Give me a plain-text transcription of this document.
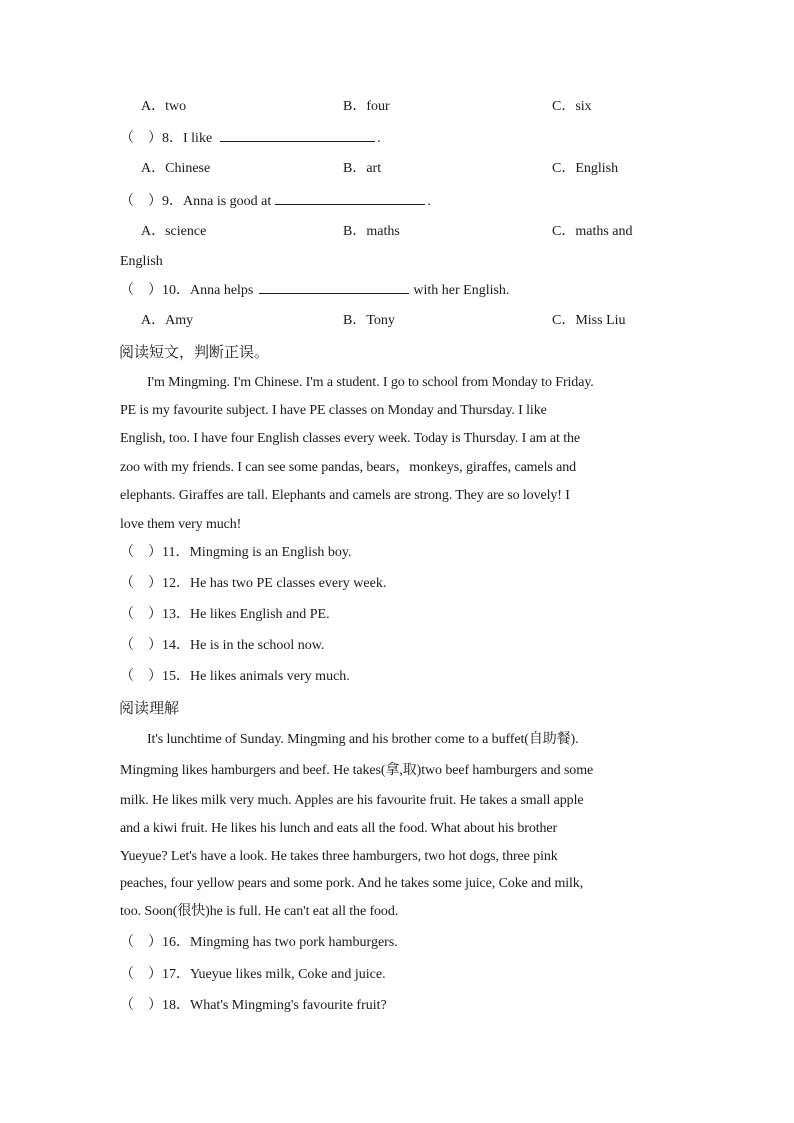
A．two	B．four	C．six
（　）8．I like	.
A．Chinese	B．art	C．English
（　）9．Anna is good at	.
A．science	B．maths	C．maths and
English
（　）10．Anna helps	with her English.
A．Amy	B．Tony	C．Miss Liu
阅读短文，判断正误。
I'm Mingming. I'm Chinese. I'm a student. I go to school from Monday to Friday.
PE is my favourite subject. I have PE classes on Monday and Thursday. I like
English, too. I have four English classes every week. Today is Thursday. I am at the
zoo with my friends. I can see some pandas, bears，monkeys, giraffes, camels and
elephants. Giraffes are tall. Elephants and camels are strong. They are so lovely! I
love them very much!
（　）11．Mingming is an English boy.
（　）12．He has two PE classes every week.
（　）13．He likes English and PE.
（　）14．He is in the school now.
（　）15．He likes animals very much.
阅读理解
It's lunchtime of Sunday. Mingming and his brother come to a buffet(自助餐).
Mingming likes hamburgers and beef. He takes(拿,取)two beef hamburgers and some
milk. He likes milk very much. Apples are his favourite fruit. He takes a small apple
and a kiwi fruit. He likes his lunch and eats all the food. What about his brother
Yueyue? Let's have a look. He takes three hamburgers, two hot dogs, three pink
peaches, four yellow pears and some pork. And he takes some juice, Coke and milk,
too. Soon(很快)he is full. He can't eat all the food.
（　）16．Mingming has two pork hamburgers.
（　）17．Yueyue likes milk, Coke and juice.
（　）18．What's Mingming's favourite fruit?
